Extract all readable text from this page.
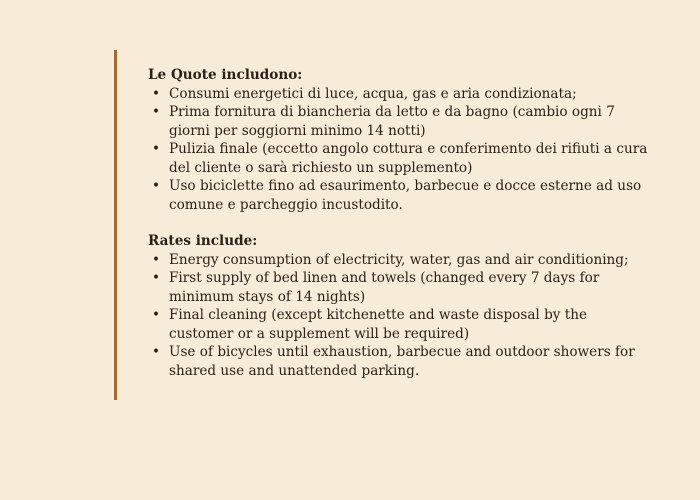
Le Quote includono:
• Consumi energetici di luce, acqua, gas e aria condizionata;
• Prima fornitura di biancheria da letto e da bagno (cambio ogni 7 giorni per soggiorni minimo 14 notti)
• Pulizia finale (eccetto angolo cottura e conferimento dei rifiuti a cura del cliente o sarà richiesto un supplemento)
• Uso biciclette fino ad esaurimento, barbecue e docce esterne ad uso comune e parcheggio incustodito.
Rates include:
• Energy consumption of electricity, water, gas and air conditioning;
• First supply of bed linen and towels (changed every 7 days for minimum stays of 14 nights)
• Final cleaning (except kitchenette and waste disposal by the customer or a supplement will be required)
• Use of bicycles until exhaustion, barbecue and outdoor showers for shared use and unattended parking.
